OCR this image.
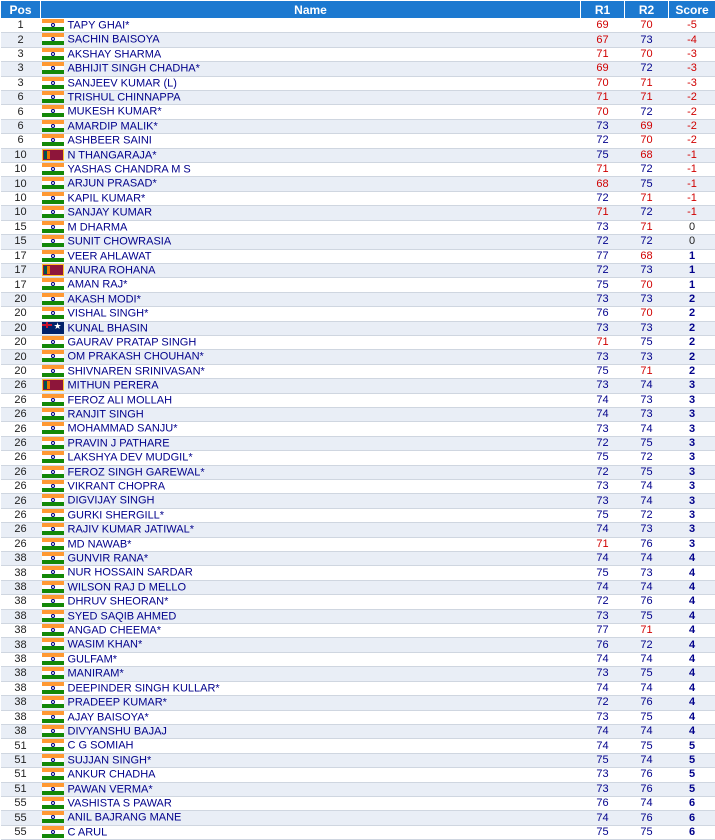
Pos	Name	R1	R2	Score
1	TAPY GHAI*	69	70	-5
2	SACHIN BAISOYA	67	73	-4
3	AKSHAY SHARMA	71	70	-3
3	ABHIJIT SINGH CHADHA*	69	72	-3
3	SANJEEV KUMAR (L)	70	71	-3
6	TRISHUL CHINNAPPA	71	71	-2
6	MUKESH KUMAR*	70	72	-2
6	AMARDIP MALIK*	73	69	-2
6	ASHBEER SAINI	72	70	-2
10	N THANGARAJA*	75	68	-1
10	YASHAS CHANDRA M S	71	72	-1
10	ARJUN PRASAD*	68	75	-1
10	KAPIL KUMAR*	72	71	-1
10	SANJAY KUMAR	71	72	-1
15	M DHARMA	73	71	0
15	SUNIT CHOWRASIA	72	72	0
17	VEER AHLAWAT	77	68	1
17	ANURA ROHANA	72	73	1
17	AMAN RAJ*	75	70	1
20	AKASH MODI*	73	73	2
20	VISHAL SINGH*	76	70	2
20	★KUNAL BHASIN	73	73	2
20	GAURAV PRATAP SINGH	71	75	2
20	OM PRAKASH CHOUHAN*	73	73	2
20	SHIVNAREN SRINIVASAN*	75	71	2
26	MITHUN PERERA	73	74	3
26	FEROZ ALI MOLLAH	74	73	3
26	RANJIT SINGH	74	73	3
26	MOHAMMAD SANJU*	73	74	3
26	PRAVIN J PATHARE	72	75	3
26	LAKSHYA DEV MUDGIL*	75	72	3
26	FEROZ SINGH GAREWAL*	72	75	3
26	VIKRANT CHOPRA	73	74	3
26	DIGVIJAY SINGH	73	74	3
26	GURKI SHERGILL*	75	72	3
26	RAJIV KUMAR JATIWAL*	74	73	3
26	MD NAWAB*	71	76	3
38	GUNVIR RANA*	74	74	4
38	NUR HOSSAIN SARDAR	75	73	4
38	WILSON RAJ D MELLO	74	74	4
38	DHRUV SHEORAN*	72	76	4
38	SYED SAQIB AHMED	73	75	4
38	ANGAD CHEEMA*	77	71	4
38	WASIM KHAN*	76	72	4
38	GULFAM*	74	74	4
38	MANIRAM*	73	75	4
38	DEEPINDER SINGH KULLAR*	74	74	4
38	PRADEEP KUMAR*	72	76	4
38	AJAY BAISOYA*	73	75	4
38	DIVYANSHU BAJAJ	74	74	4
51	C G SOMIAH	74	75	5
51	SUJJAN SINGH*	75	74	5
51	ANKUR CHADHA	73	76	5
51	PAWAN VERMA*	73	76	5
55	VASHISTA S PAWAR	76	74	6
55	ANIL BAJRANG MANE	74	76	6
55	C ARUL	75	75	6
